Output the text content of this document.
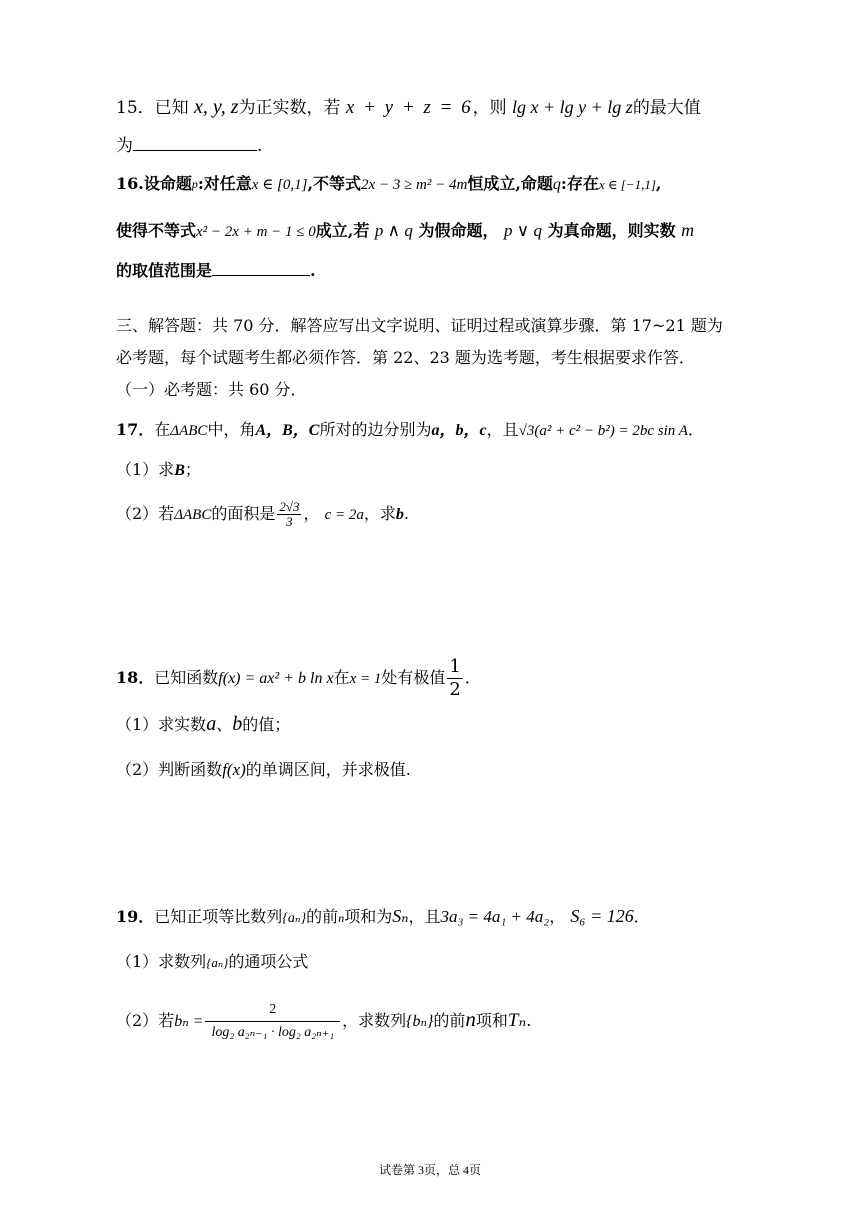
15．已知 x, y, z为正实数，若 x + y + z = 6，则 lg x + lg y + lg z的最大值
为	.
16.设命题$^p$:对任意x ∈ [0,1],不等式2x − 3 ≥ m² − 4m恒成立,命题q:存在x ∈ [−1,1],
使得不等式x² − 2x + m − 1 ≤ 0成立,若 p ∧ q 为假命题， p ∨ q 为真命题，则实数 m
的取值范围是	.
三、解答题：共 70 分．解答应写出文字说明、证明过程或演算步骤．第 17~21 题为
必考题，每个试题考生都必须作答．第 22、23 题为选考题，考生根据要求作答．
（一）必考题：共 60 分．
17．在ΔABC中，角A，B，C所对的边分别为a，b，c，且√3(a² + c² − b²) = 2bc sin A．
（1）求B；
（2）若ΔABC的面积是 $\frac{2√3}{3}$ ， c = 2a，求b.
18．已知函数f(x) = ax² + b ln x在x = 1处有极值 $\frac{1}{2}$ ．
（1）求实数a、b的值；
（2）判断函数f(x)的单调区间，并求极值.
19．已知正项等比数列{aₙ}的前n项和为Sₙ，且3a₃ = 4a₁ + 4a₂， S₆ = 126．
（1）求数列{aₙ}的通项公式
（2）若$b_n = \frac{2}{\text{log₂ a₂ₙ₋₁ · log₂ a₂ₙ₊₁}}$ ，求数列{bₙ}的前n项和Tₙ.
试卷第 3页，总 4页
